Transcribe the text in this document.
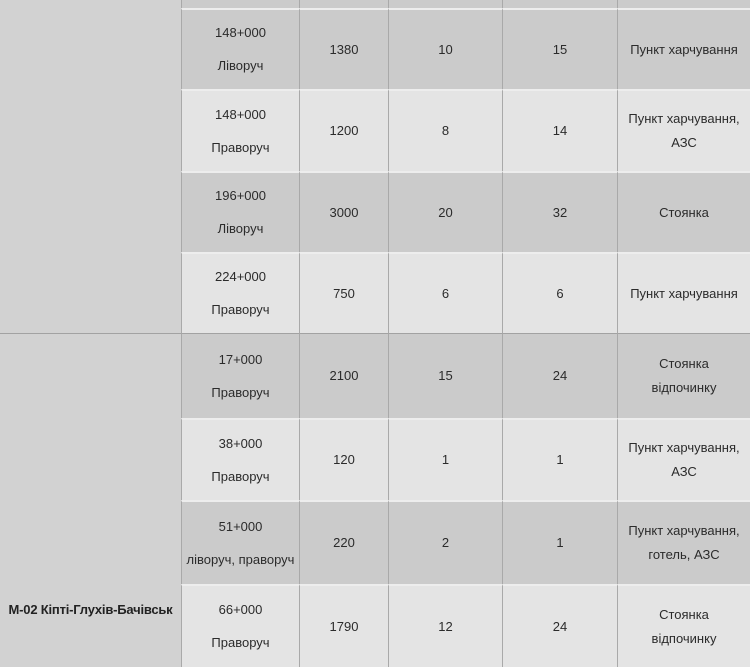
М-02 Кіпті-Глухів-Бачівськ
148+000
Ліворуч
1380	10	15	Пункт харчування
148+000
Праворуч
1200	8	14
Пункт харчування,
АЗС
196+000
Ліворуч
3000	20	32	Стоянка
224+000
Праворуч
750	6	6	Пункт харчування
17+000
Праворуч
2100	15	24
Стоянка
відпочинку
38+000
Праворуч
120	1	1
Пункт харчування,
АЗС
51+000
ліворуч, праворуч
220	2	1
Пункт харчування,
готель, АЗС
66+000
Праворуч
1790	12	24
Стоянка
відпочинку
